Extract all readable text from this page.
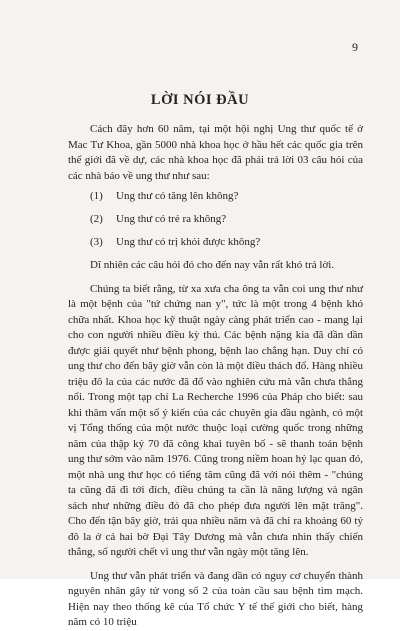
9
LỜI NÓI ĐẦU

Cách đây hơn 60 năm, tại một hội nghị Ung thư quốc tế ở Mac Tư Khoa, gần 5000 nhà khoa học ở hầu hết các quốc gia trên thế giới đã về dự, các nhà khoa học đã phải trả lời 03 câu hỏi của các nhà báo về ung thư như sau:

(1) Ung thư có tăng lên không?
(2) Ung thư có trẻ ra không?
(3) Ung thư có trị khỏi được không?

Dĩ nhiên các câu hỏi đó cho đến nay vẫn rất khó trả lời.

Chúng ta biết rằng, từ xa xưa cha ông ta vẫn coi ung thư như là một bệnh của "tứ chứng nan y", tức là một trong 4 bệnh khó chữa nhất. Khoa học kỹ thuật ngày càng phát triển cao - mang lại cho con người nhiều điều kỳ thú. Các bệnh nặng kia đã dần dần được giải quyết như bệnh phong, bệnh lao chẳng hạn. Duy chỉ có ung thư cho đến bây giờ vẫn còn là một điều thách đố. Hàng nhiều triệu đô la của các nước đã đổ vào nghiên cứu mà vẫn chưa thắng nổi. Trong một tạp chí La Recherche 1996 của Pháp cho biết: sau khi thăm vấn một số ý kiến của các chuyên gia đầu ngành, có một vị Tổng thống của một nước thuộc loại cường quốc trong những năm của thập kỷ 70 đã công khai tuyên bố - sẽ thanh toán bệnh ung thư sớm vào năm 1976. Cũng trong niềm hoan hỷ lạc quan đó, một nhà ung thư học có tiếng tăm cũng đã với nói thêm - "chúng ta cũng đã đi tới đích, điều chúng ta cần là năng lượng và ngân sách như những điều đó đã cho phép đưa người lên mặt trăng". Cho đến tận bây giờ, trải qua nhiều năm và đã chi ra khoảng 60 tỷ đô la ở cả hai bờ Đại Tây Dương mà vẫn chưa nhìn thấy chiến thắng, số người chết vì ung thư vẫn ngày một tăng lên.

Ung thư vẫn phát triển và đang dần có nguy cơ chuyển thành nguyên nhân gây tử vong số 2 của toàn cầu sau bệnh tim mạch. Hiện nay theo thống kê của Tổ chức Y tế thế giới cho biết, hàng năm có 10 triệu
